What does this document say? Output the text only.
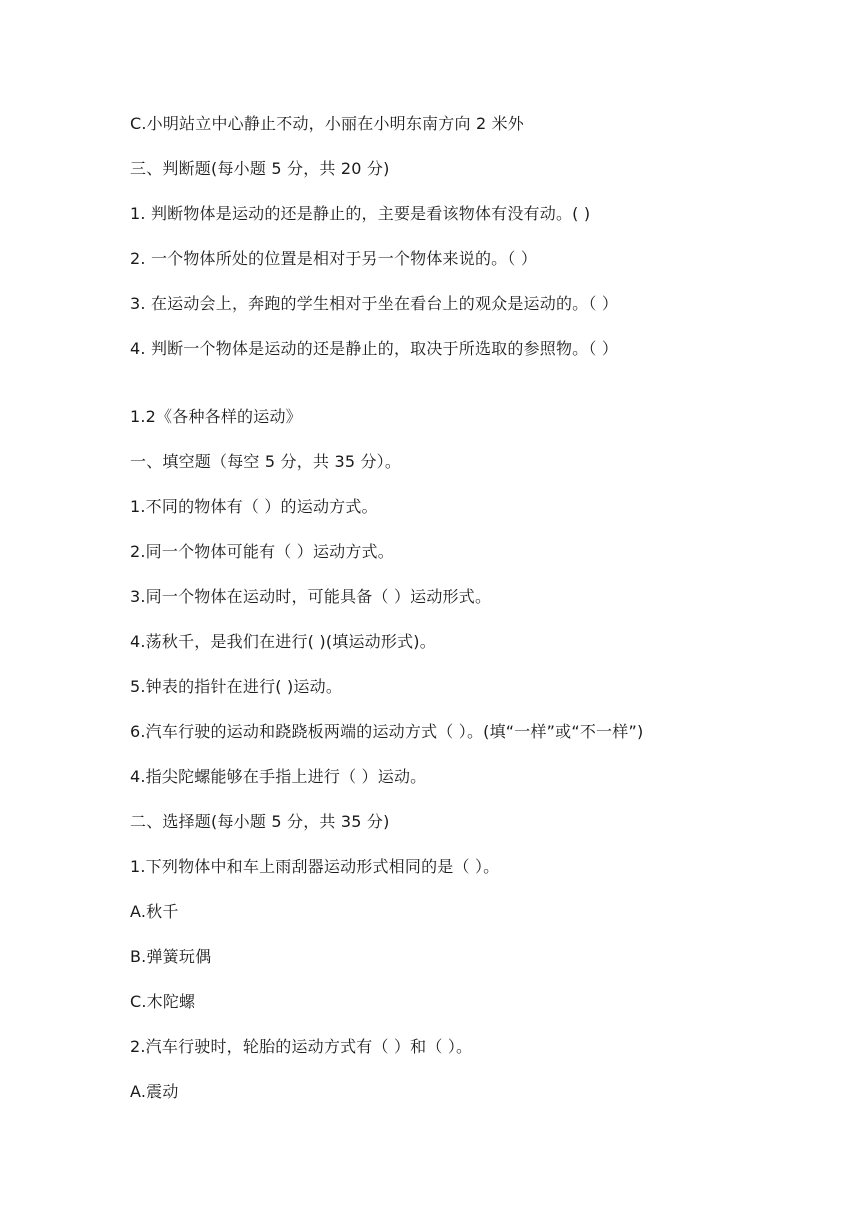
C.小明站立中心静止不动，小丽在小明东南方向 2 米外
三、判断题(每小题 5 分，共 20 分)
1. 判断物体是运动的还是静止的，主要是看该物体有没有动。( )
2. 一个物体所处的位置是相对于另一个物体来说的。（ ）
3. 在运动会上，奔跑的学生相对于坐在看台上的观众是运动的。（ ）
4. 判断一个物体是运动的还是静止的，取决于所选取的参照物。（ ）
1.2《各种各样的运动》
一、填空题（每空 5 分，共 35 分）。
1.不同的物体有（ ）的运动方式。
2.同一个物体可能有（ ）运动方式。
3.同一个物体在运动时，可能具备（ ）运动形式。
4.荡秋千，是我们在进行( )(填运动形式)。
5.钟表的指针在进行( )运动。
6.汽车行驶的运动和跷跷板两端的运动方式（ ）。(填“一样”或“不一样”)
4.指尖陀螺能够在手指上进行（ ）运动。
二、选择题(每小题 5 分，共 35 分)
1.下列物体中和车上雨刮器运动形式相同的是（ ）。
A.秋千
B.弹簧玩偶
C.木陀螺
2.汽车行驶时，轮胎的运动方式有（ ）和（ ）。
A.震动
